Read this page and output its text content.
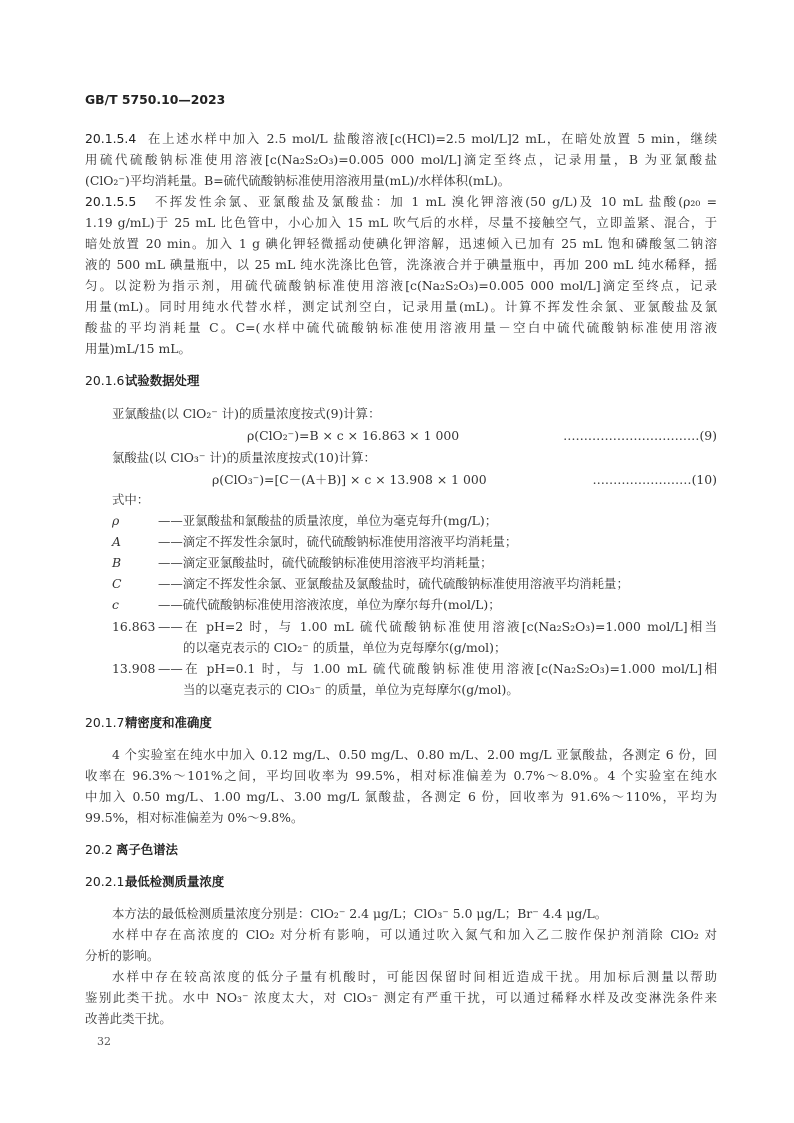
GB/T 5750.10—2023
20.1.5.4 在上述水样中加入 2.5 mol/L 盐酸溶液[c(HCl)=2.5 mol/L]2 mL，在暗处放置 5 min，继续
用硫代硫酸钠标准使用溶液[c(Na₂S₂O₃)=0.005 000 mol/L]滴定至终点，记录用量，B 为亚氯酸盐
(ClO₂⁻)平均消耗量。B=硫代硫酸钠标准使用溶液用量(mL)/水样体积(mL)。
20.1.5.5 不挥发性余氯、亚氯酸盐及氯酸盐：加 1 mL 溴化钾溶液(50 g/L)及 10 mL 盐酸(ρ₂₀ =
1.19 g/mL)于 25 mL 比色管中，小心加入 15 mL 吹气后的水样，尽量不接触空气，立即盖紧、混合，于
暗处放置 20 min。加入 1 g 碘化钾轻微摇动使碘化钾溶解，迅速倾入已加有 25 mL 饱和磷酸氢二钠溶
液的 500 mL 碘量瓶中，以 25 mL 纯水洗涤比色管，洗涤液合并于碘量瓶中，再加 200 mL 纯水稀释，摇
匀。以淀粉为指示剂，用硫代硫酸钠标准使用溶液[c(Na₂S₂O₃)=0.005 000 mol/L]滴定至终点，记录
用量(mL)。同时用纯水代替水样，测定试剂空白，记录用量(mL)。计算不挥发性余氯、亚氯酸盐及氯
酸盐的平均消耗量 C。C=(水样中硫代硫酸钠标准使用溶液用量－空白中硫代硫酸钠标准使用溶液
用量)mL/15 mL。
20.1.6 试验数据处理
亚氯酸盐(以 ClO₂⁻ 计)的质量浓度按式(9)计算：
ρ(ClO₂⁻)=B × c × 16.863 × 1 000	……………………………(9)
氯酸盐(以 ClO₃⁻ 计)的质量浓度按式(10)计算：
ρ(ClO₃⁻)=[C－(A＋B)] × c × 13.908 × 1 000	……………………(10)
式中：
ρ	——亚氯酸盐和氯酸盐的质量浓度，单位为毫克每升(mg/L)；
A	——滴定不挥发性余氯时，硫代硫酸钠标准使用溶液平均消耗量；
B	——滴定亚氯酸盐时，硫代硫酸钠标准使用溶液平均消耗量；
C	——滴定不挥发性余氯、亚氯酸盐及氯酸盐时，硫代硫酸钠标准使用溶液平均消耗量；
c	——硫代硫酸钠标准使用溶液浓度，单位为摩尔每升(mol/L)；
16.863 ——在 pH=2 时，与 1.00 mL 硫代硫酸钠标准使用溶液[c(Na₂S₂O₃)=1.000 mol/L]相当
的以毫克表示的 ClO₂⁻ 的质量，单位为克每摩尔(g/mol)；
13.908 ——在 pH=0.1 时，与 1.00 mL 硫代硫酸钠标准使用溶液[c(Na₂S₂O₃)=1.000 mol/L]相
当的以毫克表示的 ClO₃⁻ 的质量，单位为克每摩尔(g/mol)。
20.1.7 精密度和准确度
4 个实验室在纯水中加入 0.12 mg/L、0.50 mg/L、0.80 m/L、2.00 mg/L 亚氯酸盐，各测定 6 份，回
收率在 96.3%～101%之间，平均回收率为 99.5%，相对标准偏差为 0.7%～8.0%。4 个实验室在纯水
中加入 0.50 mg/L、1.00 mg/L、3.00 mg/L 氯酸盐，各测定 6 份，回收率为 91.6%～110%，平均为
99.5%，相对标准偏差为 0%～9.8%。
20.2 离子色谱法
20.2.1 最低检测质量浓度
本方法的最低检测质量浓度分别是：ClO₂⁻ 2.4 μg/L；ClO₃⁻ 5.0 μg/L；Br⁻ 4.4 μg/L。
水样中存在高浓度的 ClO₂ 对分析有影响，可以通过吹入氮气和加入乙二胺作保护剂消除 ClO₂ 对
分析的影响。
水样中存在较高浓度的低分子量有机酸时，可能因保留时间相近造成干扰。用加标后测量以帮助
鉴别此类干扰。水中 NO₃⁻ 浓度太大，对 ClO₃⁻ 测定有严重干扰，可以通过稀释水样及改变淋洗条件来
改善此类干扰。
32
